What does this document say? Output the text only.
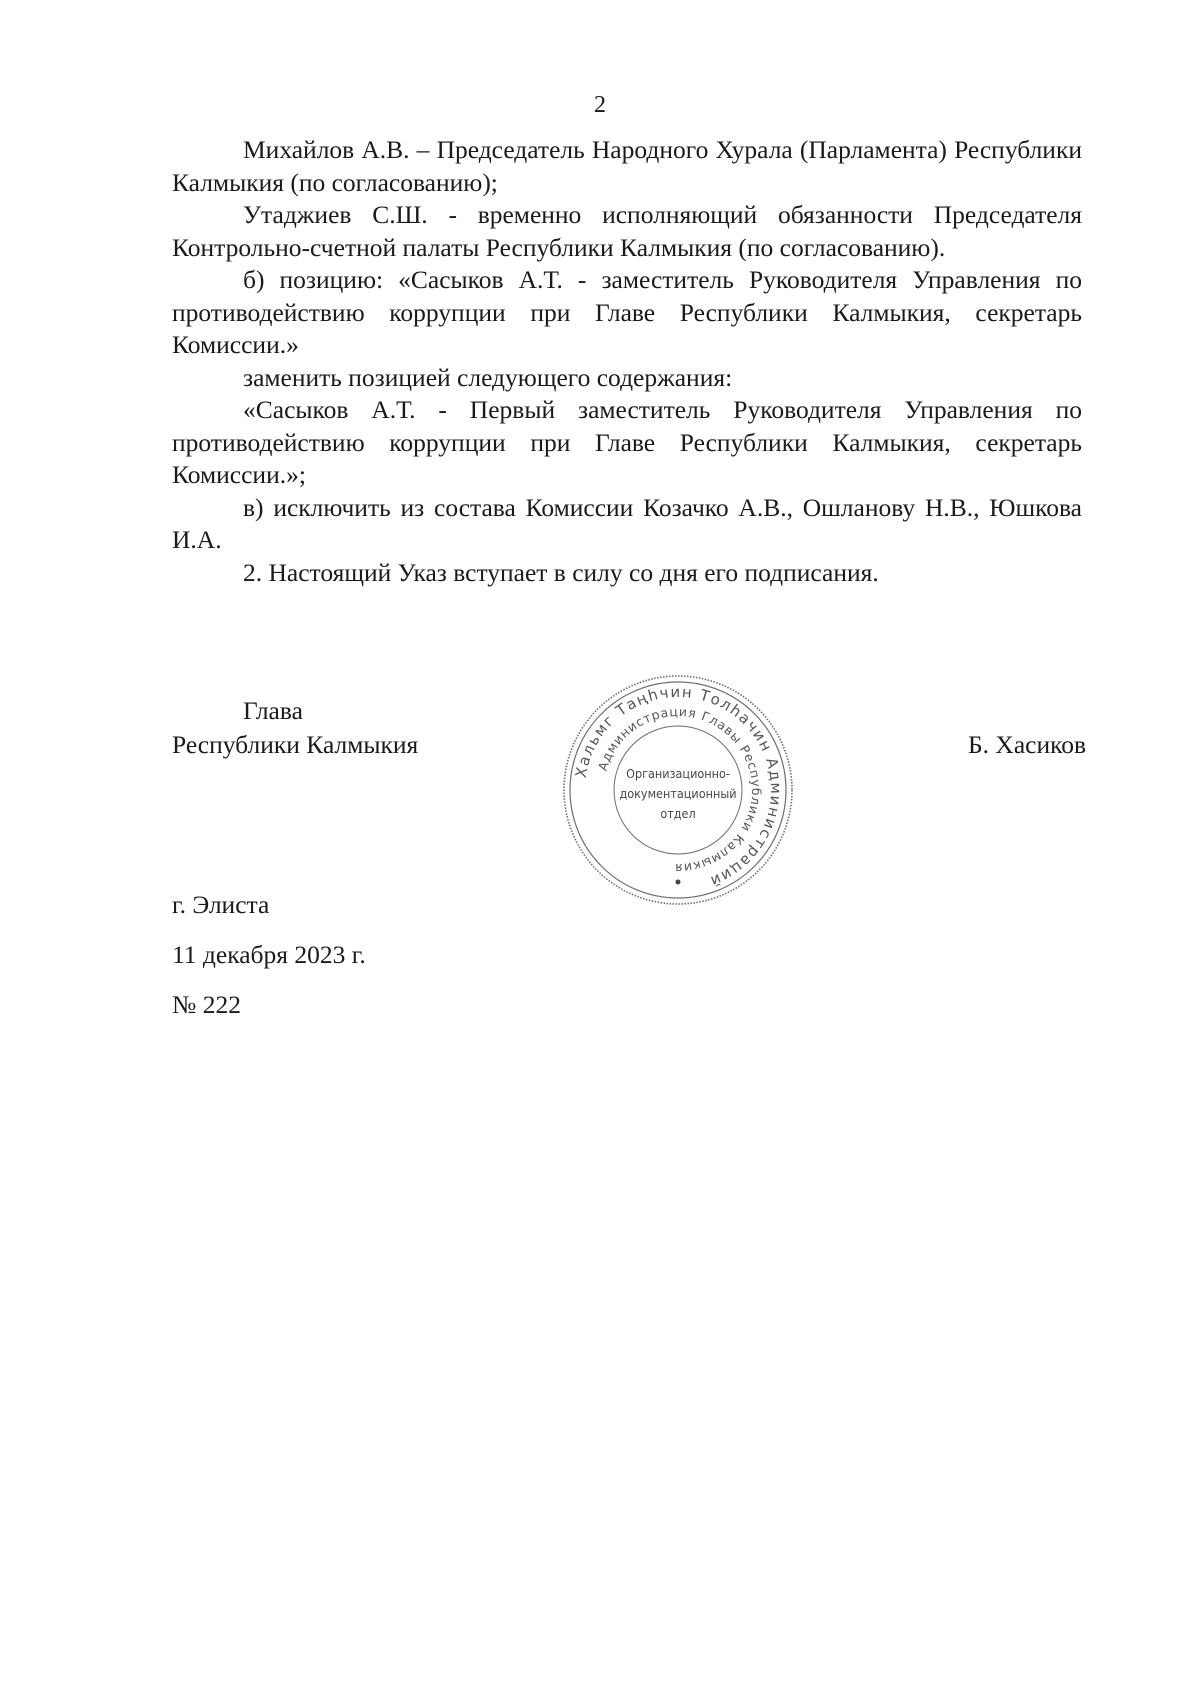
2

Михайлов А.В. – Председатель Народного Хурала (Парламента) Республики Калмыкия (по согласованию);

Утаджиев С.Ш. - временно исполняющий обязанности Председателя Контрольно-счетной палаты Республики Калмыкия (по согласованию).

б) позицию: «Сасыков А.Т. - заместитель Руководителя Управления по противодействию коррупции при Главе Республики Калмыкия, секретарь Комиссии.»

заменить позицией следующего содержания:

«Сасыков А.Т. - Первый заместитель Руководителя Управления по противодействию коррупции при Главе Республики Калмыкия, секретарь Комиссии.»;

в) исключить из состава Комиссии Козачко А.В., Ошланову Н.В., Юшкова И.А.

2. Настоящий Указ вступает в силу со дня его подписания.

Глава
Республики Калмыкия	Б. Хасиков
Хальмг Таңһчин Толһачин Администраций
Администрация Главы Республики Калмыкия
Организационно-
документационный
отдел
г. Элиста
11 декабря 2023 г.
№ 222
